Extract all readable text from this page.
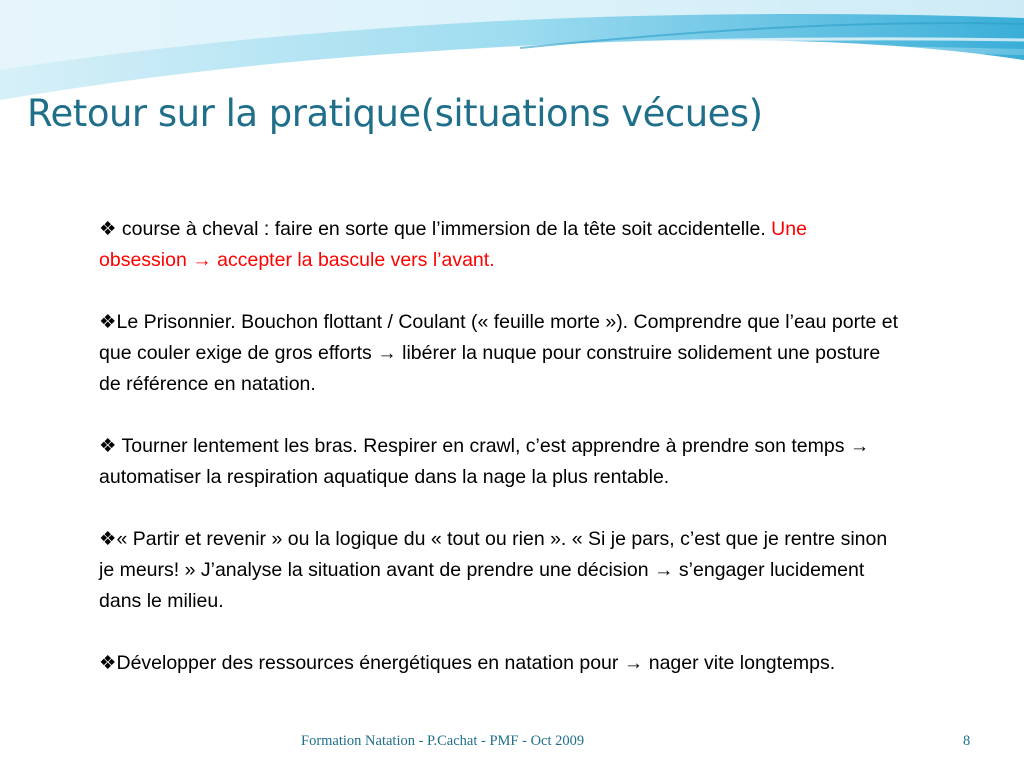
Retour sur la pratique(situations vécues)

❖ course à cheval : faire en sorte que l’immersion de la tête soit accidentelle. Une obsession → accepter la bascule vers l’avant.

❖Le Prisonnier. Bouchon flottant / Coulant (« feuille morte »). Comprendre que l’eau porte et que couler exige de gros efforts → libérer la nuque pour construire solidement une posture de référence en natation.

❖ Tourner lentement les bras. Respirer en crawl, c’est apprendre à prendre son temps → automatiser la respiration aquatique dans la nage la plus rentable.

❖« Partir et revenir » ou la logique du « tout ou rien ». « Si je pars, c’est que je rentre sinon je meurs! » J’analyse la situation avant de prendre une décision → s’engager lucidement dans le milieu.

❖Développer des ressources énergétiques en natation pour → nager vite longtemps.

Formation Natation - P.Cachat - PMF - Oct 2009	8
